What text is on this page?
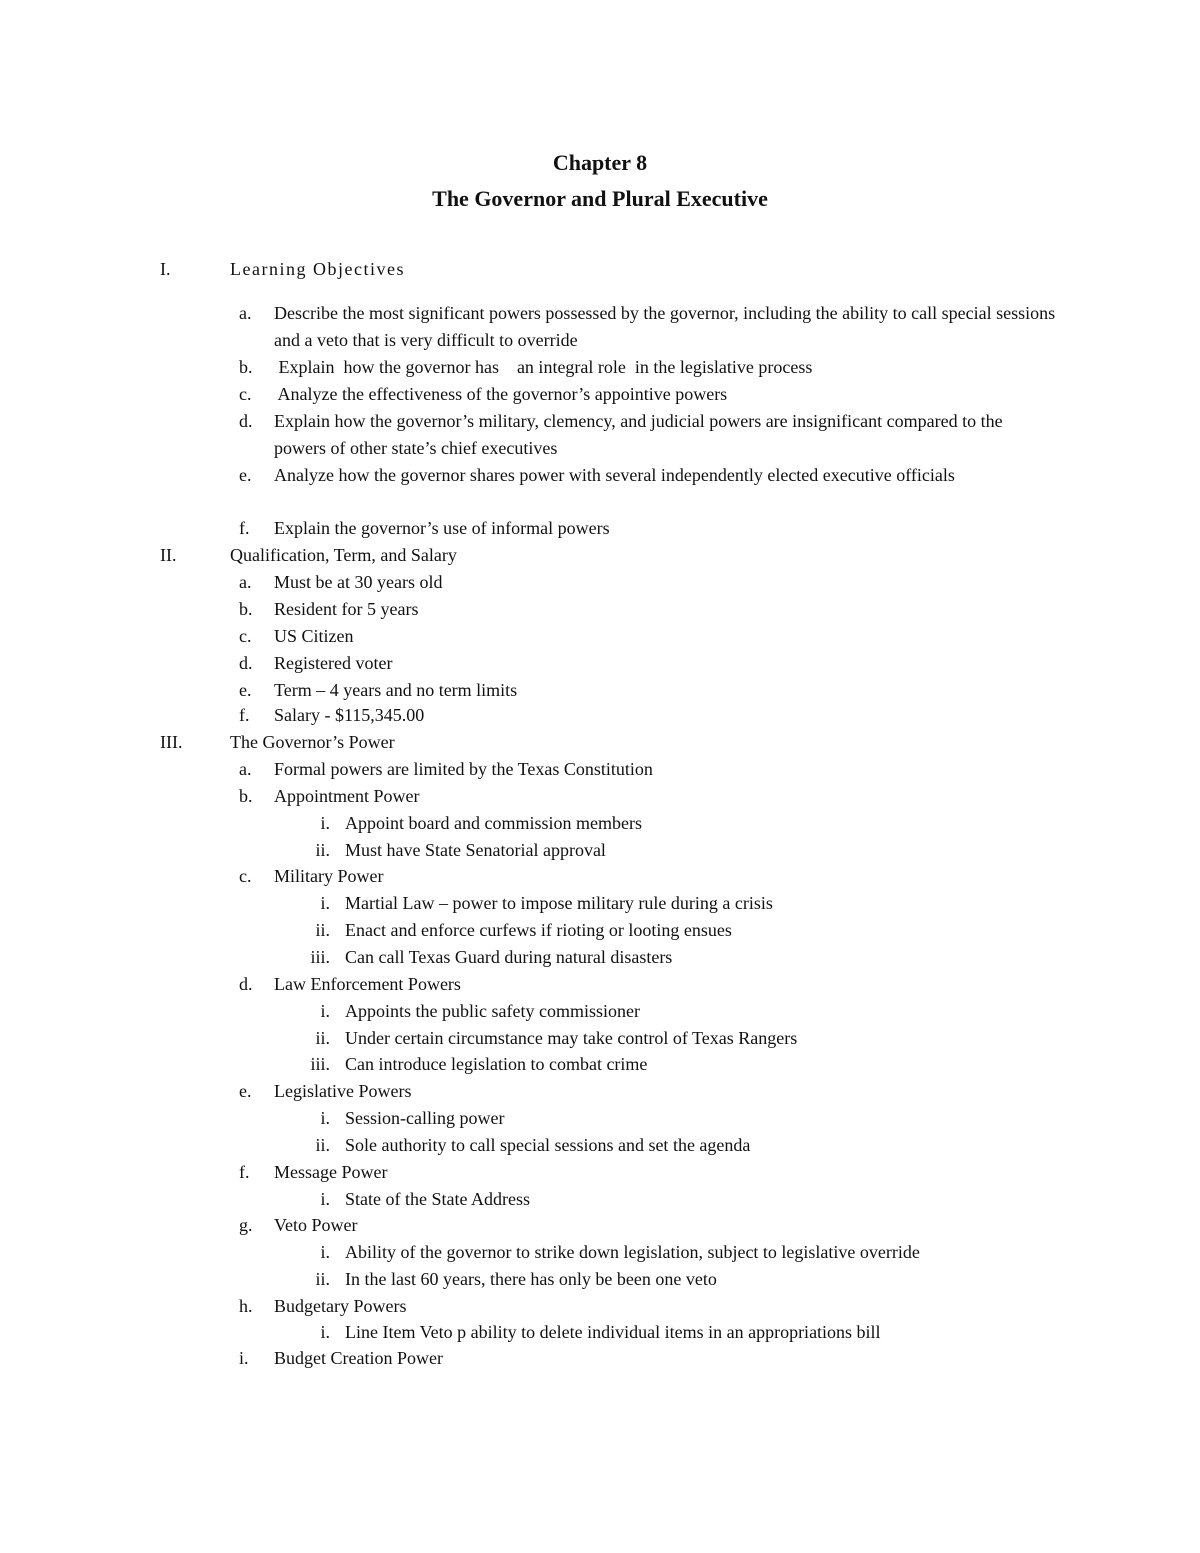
Chapter 8
The Governor and Plural Executive
I.	Learning Objectives
a. Describe the most significant powers possessed by the governor, including the ability to call special sessions and a veto that is very difficult to override
b. Explain  how the governor has    an integral role  in the legislative process
c. Analyze the effectiveness of the governor’s appointive powers
d. Explain how the governor’s military, clemency, and judicial powers are insignificant compared to the powers of other state’s chief executives
e. Analyze how the governor shares power with several independently elected executive officials
f. Explain the governor’s use of informal powers
II.	Qualification, Term, and Salary
a. Must be at 30 years old
b. Resident for 5 years
c. US Citizen
d. Registered voter
e. Term – 4 years and no term limits
f. Salary - $115,345.00
III.	The Governor’s Power
a. Formal powers are limited by the Texas Constitution
b. Appointment Power
i. Appoint board and commission members
ii. Must have State Senatorial approval
c. Military Power
i. Martial Law – power to impose military rule during a crisis
ii. Enact and enforce curfews if rioting or looting ensues
iii. Can call Texas Guard during natural disasters
d. Law Enforcement Powers
i. Appoints the public safety commissioner
ii. Under certain circumstance may take control of Texas Rangers
iii. Can introduce legislation to combat crime
e. Legislative Powers
i. Session-calling power
ii. Sole authority to call special sessions and set the agenda
f. Message Power
i. State of the State Address
g. Veto Power
i. Ability of the governor to strike down legislation, subject to legislative override
ii. In the last 60 years, there has only be been one veto
h. Budgetary Powers
i. Line Item Veto p ability to delete individual items in an appropriations bill
i. Budget Creation Power
